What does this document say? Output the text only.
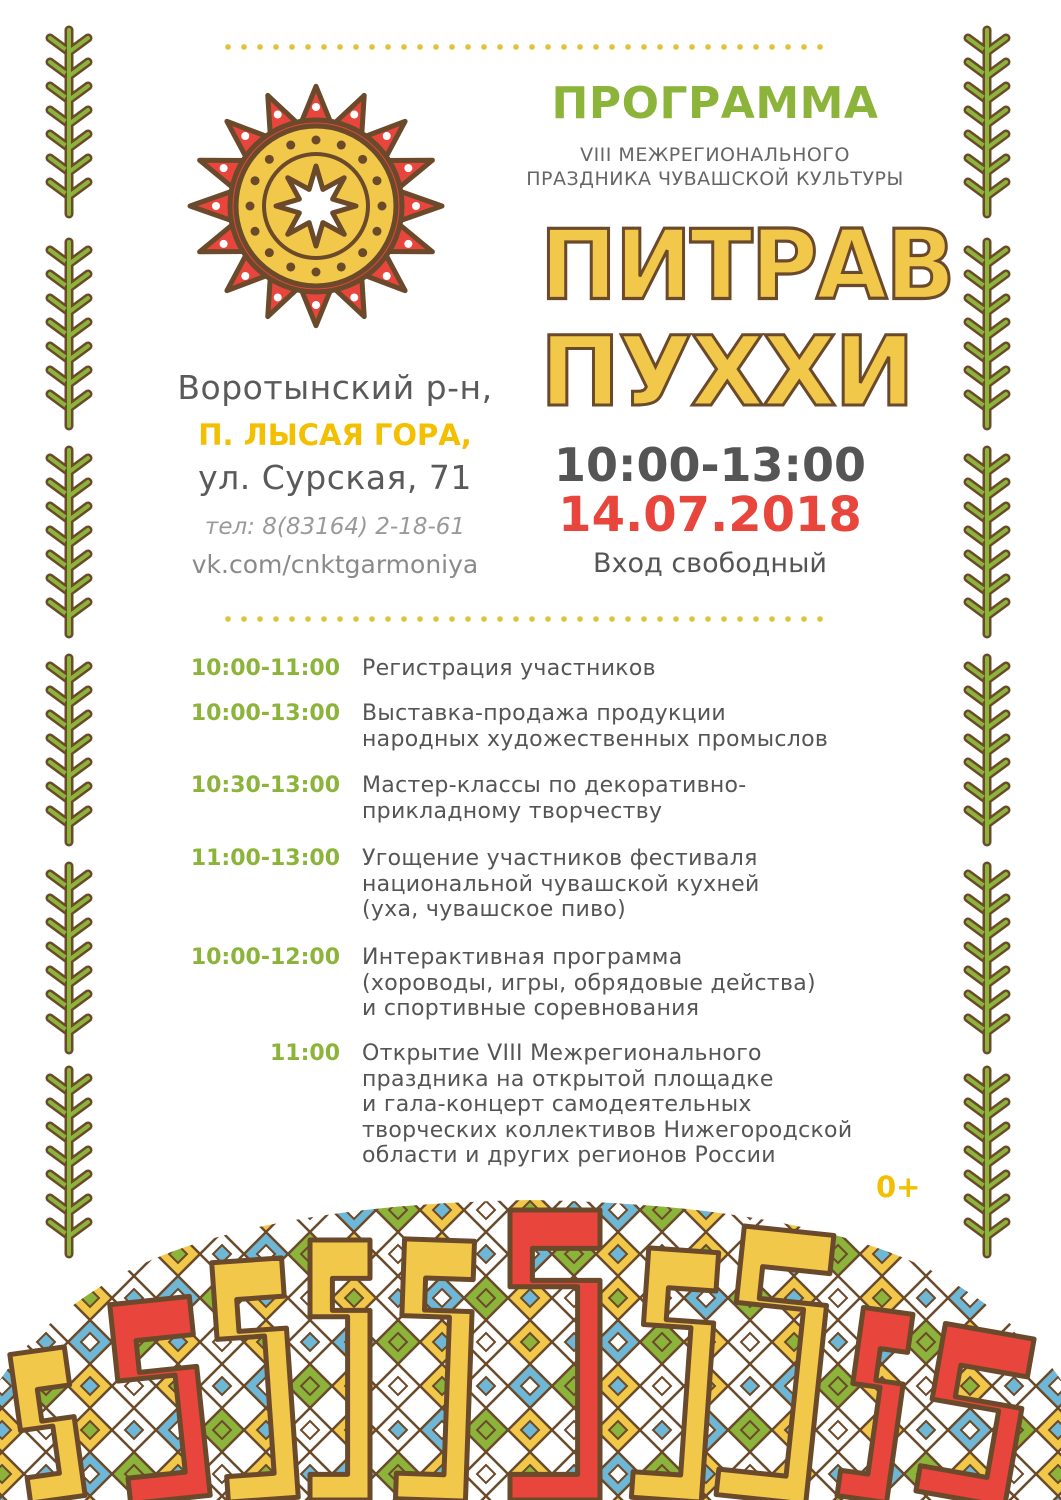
ПРОГРАММА
VIII МЕЖРЕГИОНАЛЬНОГО
ПРАЗДНИКА ЧУВАШСКОЙ КУЛЬТУРЫ
ПИТРАВ
ПУХХИ
10:00-13:00
14.07.2018
Вход свободный
Воротынский р-н,
П. ЛЫСАЯ ГОРА,
ул. Сурская, 71
тел: 8(83164) 2-18-61
vk.com/cnktgarmoniya
10:00-11:00 Регистрация участников
10:00-13:00 Выставка-продажа продукции
народных художественных промыслов
10:30-13:00 Мастер-классы по декоративно-
прикладному творчеству
11:00-13:00 Угощение участников фестиваля
национальной чувашской кухней
(уха, чувашское пиво)
10:00-12:00 Интерактивная программа
(хороводы, игры, обрядовые действа)
и спортивные соревнования
11:00 Открытие VIII Межрегионального
праздника на открытой площадке
и гала-концерт самодеятельных
творческих коллективов Нижегородской
области и других регионов России
0+
